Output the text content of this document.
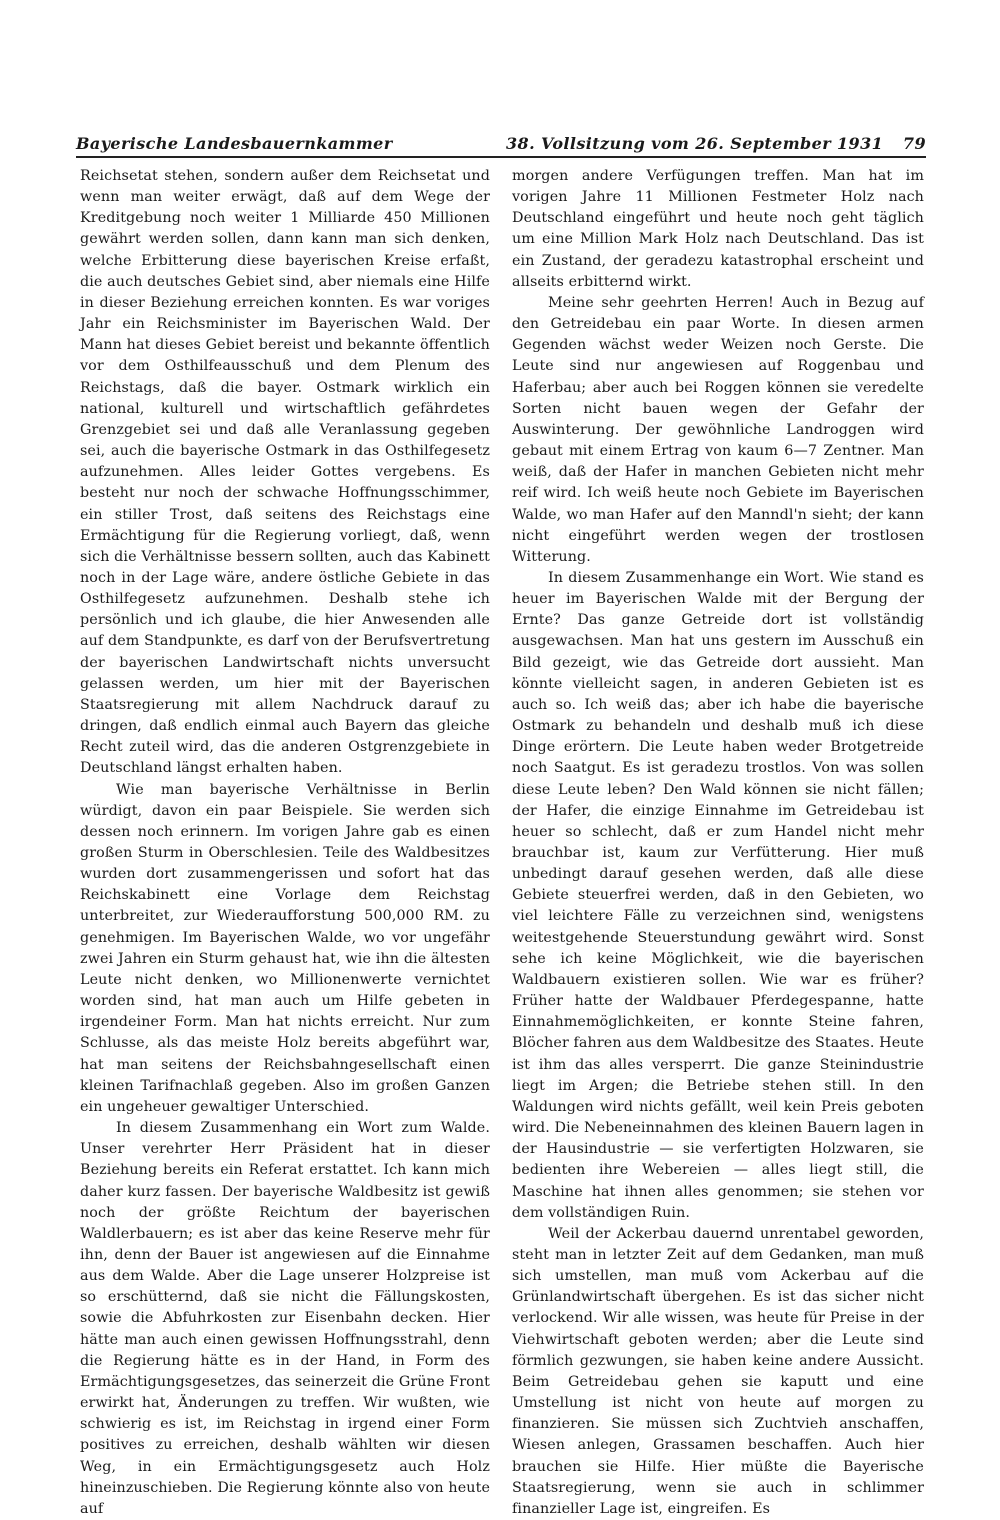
Bayerische Landesbauernkammer	38. Vollsitzung vom 26. September 1931 79

Reichsetat stehen, sondern außer dem Reichsetat und wenn man weiter erwägt, daß auf dem Wege der Kreditgebung noch weiter 1 Milliarde 450 Millionen gewährt werden sollen, dann kann man sich denken, welche Erbitterung diese bayerischen Kreise erfaßt, die auch deutsches Gebiet sind, aber niemals eine Hilfe in dieser Beziehung erreichen konnten. Es war voriges Jahr ein Reichsminister im Bayerischen Wald. Der Mann hat dieses Gebiet bereist und bekannte öffentlich vor dem Osthilfeausschuß und dem Plenum des Reichstags, daß die bayer. Ostmark wirklich ein national, kulturell und wirtschaftlich gefährdetes Grenzgebiet sei und daß alle Veranlassung gegeben sei, auch die bayerische Ostmark in das Osthilfegesetz aufzunehmen. Alles leider Gottes vergebens. Es besteht nur noch der schwache Hoffnungsschimmer, ein stiller Trost, daß seitens des Reichstags eine Ermächtigung für die Regierung vorliegt, daß, wenn sich die Verhältnisse bessern sollten, auch das Kabinett noch in der Lage wäre, andere östliche Gebiete in das Osthilfegesetz aufzunehmen. Deshalb stehe ich persönlich und ich glaube, die hier Anwesenden alle auf dem Standpunkte, es darf von der Berufsvertretung der bayerischen Landwirtschaft nichts unversucht gelassen werden, um hier mit der Bayerischen Staatsregierung mit allem Nachdruck darauf zu dringen, daß endlich einmal auch Bayern das gleiche Recht zuteil wird, das die anderen Ostgrenzgebiete in Deutschland längst erhalten haben.

Wie man bayerische Verhältnisse in Berlin würdigt, davon ein paar Beispiele. Sie werden sich dessen noch erinnern. Im vorigen Jahre gab es einen großen Sturm in Oberschlesien. Teile des Waldbesitzes wurden dort zusammengerissen und sofort hat das Reichskabinett eine Vorlage dem Reichstag unterbreitet, zur Wiederaufforstung 500,000 RM. zu genehmigen. Im Bayerischen Walde, wo vor ungefähr zwei Jahren ein Sturm gehaust hat, wie ihn die ältesten Leute nicht denken, wo Millionenwerte vernichtet worden sind, hat man auch um Hilfe gebeten in irgendeiner Form. Man hat nichts erreicht. Nur zum Schlusse, als das meiste Holz bereits abgeführt war, hat man seitens der Reichsbahngesellschaft einen kleinen Tarifnachlaß gegeben. Also im großen Ganzen ein ungeheuer gewaltiger Unterschied.

In diesem Zusammenhang ein Wort zum Walde. Unser verehrter Herr Präsident hat in dieser Beziehung bereits ein Referat erstattet. Ich kann mich daher kurz fassen. Der bayerische Waldbesitz ist gewiß noch der größte Reichtum der bayerischen Waldlerbauern; es ist aber das keine Reserve mehr für ihn, denn der Bauer ist angewiesen auf die Einnahme aus dem Walde. Aber die Lage unserer Holzpreise ist so erschütternd, daß sie nicht die Fällungskosten, sowie die Abfuhrkosten zur Eisenbahn decken. Hier hätte man auch einen gewissen Hoffnungsstrahl, denn die Regierung hätte es in der Hand, in Form des Ermächtigungsgesetzes, das seinerzeit die Grüne Front erwirkt hat, Änderungen zu treffen. Wir wußten, wie schwierig es ist, im Reichstag in irgend einer Form positives zu erreichen, deshalb wählten wir diesen Weg, in ein Ermächtigungsgesetz auch Holz hineinzuschieben. Die Regierung könnte also von heute auf

morgen andere Verfügungen treffen. Man hat im vorigen Jahre 11 Millionen Festmeter Holz nach Deutschland eingeführt und heute noch geht täglich um eine Million Mark Holz nach Deutschland. Das ist ein Zustand, der geradezu katastrophal erscheint und allseits erbitternd wirkt.

Meine sehr geehrten Herren! Auch in Bezug auf den Getreidebau ein paar Worte. In diesen armen Gegenden wächst weder Weizen noch Gerste. Die Leute sind nur angewiesen auf Roggenbau und Haferbau; aber auch bei Roggen können sie veredelte Sorten nicht bauen wegen der Gefahr der Auswinterung. Der gewöhnliche Landroggen wird gebaut mit einem Ertrag von kaum 6—7 Zentner. Man weiß, daß der Hafer in manchen Gebieten nicht mehr reif wird. Ich weiß heute noch Gebiete im Bayerischen Walde, wo man Hafer auf den Manndl'n sieht; der kann nicht eingeführt werden wegen der trostlosen Witterung.

In diesem Zusammenhange ein Wort. Wie stand es heuer im Bayerischen Walde mit der Bergung der Ernte? Das ganze Getreide dort ist vollständig ausgewachsen. Man hat uns gestern im Ausschuß ein Bild gezeigt, wie das Getreide dort aussieht. Man könnte vielleicht sagen, in anderen Gebieten ist es auch so. Ich weiß das; aber ich habe die bayerische Ostmark zu behandeln und deshalb muß ich diese Dinge erörtern. Die Leute haben weder Brotgetreide noch Saatgut. Es ist geradezu trostlos. Von was sollen diese Leute leben? Den Wald können sie nicht fällen; der Hafer, die einzige Einnahme im Getreidebau ist heuer so schlecht, daß er zum Handel nicht mehr brauchbar ist, kaum zur Verfütterung. Hier muß unbedingt darauf gesehen werden, daß alle diese Gebiete steuerfrei werden, daß in den Gebieten, wo viel leichtere Fälle zu verzeichnen sind, wenigstens weitestgehende Steuerstundung gewährt wird. Sonst sehe ich keine Möglichkeit, wie die bayerischen Waldbauern existieren sollen. Wie war es früher? Früher hatte der Waldbauer Pferdegespanne, hatte Einnahmemöglichkeiten, er konnte Steine fahren, Blöcher fahren aus dem Waldbesitze des Staates. Heute ist ihm das alles versperrt. Die ganze Steinindustrie liegt im Argen; die Betriebe stehen still. In den Waldungen wird nichts gefällt, weil kein Preis geboten wird. Die Nebeneinnahmen des kleinen Bauern lagen in der Hausindustrie — sie verfertigten Holzwaren, sie bedienten ihre Webereien — alles liegt still, die Maschine hat ihnen alles genommen; sie stehen vor dem vollständigen Ruin.

Weil der Ackerbau dauernd unrentabel geworden, steht man in letzter Zeit auf dem Gedanken, man muß sich umstellen, man muß vom Ackerbau auf die Grünlandwirtschaft übergehen. Es ist das sicher nicht verlockend. Wir alle wissen, was heute für Preise in der Viehwirtschaft geboten werden; aber die Leute sind förmlich gezwungen, sie haben keine andere Aussicht. Beim Getreidebau gehen sie kaputt und eine Umstellung ist nicht von heute auf morgen zu finanzieren. Sie müssen sich Zuchtvieh anschaffen, Wiesen anlegen, Grassamen beschaffen. Auch hier brauchen sie Hilfe. Hier müßte die Bayerische Staatsregierung, wenn sie auch in schlimmer finanzieller Lage ist, eingreifen. Es
